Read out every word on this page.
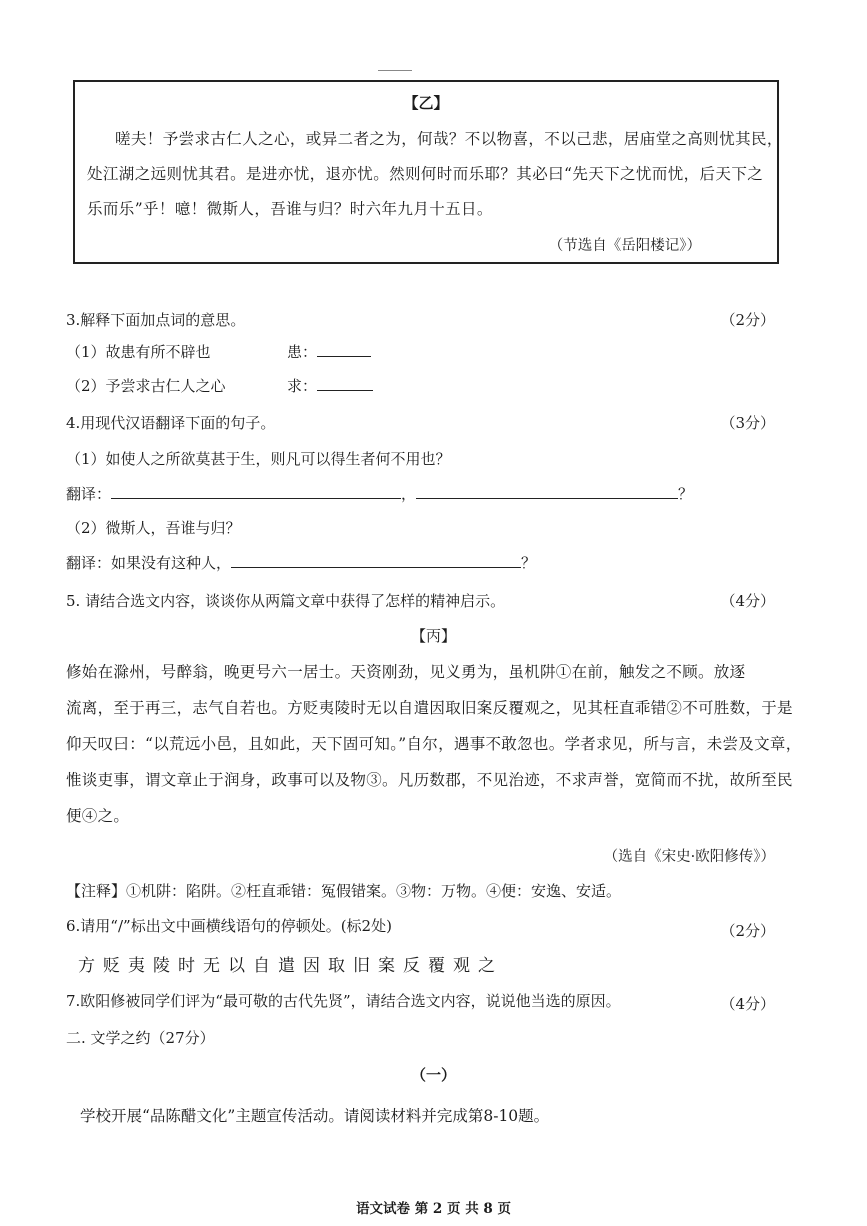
【乙】
嗟夫！予尝求古仁人之心，或异二者之为，何哉？不以物喜，不以己悲，居庙堂之高则忧其民，
处江湖之远则忧其君。是进亦忧，退亦忧。然则何时而乐耶？其必曰“先天下之忧而忧，后天下之
乐而乐”乎！噫！微斯人，吾谁与归？时六年九月十五日。
（节选自《岳阳楼记》）
3.解释下面加点词的意思。	（2分）
（1）故患有所不辟也	患：
（2）予尝求古仁人之心	求：
4.用现代汉语翻译下面的句子。	（3分）
（1）如使人之所欲莫甚于生，则凡可以得生者何不用也？
翻译：	，	？
（2）微斯人，吾谁与归？
翻译：如果没有这种人，	？
5. 请结合选文内容，谈谈你从两篇文章中获得了怎样的精神启示。	（4分）
【丙】
修始在滁州，号醉翁，晚更号六一居士。天资刚劲，见义勇为，虽机阱①在前，触发之不顾。放逐
流离，至于再三，志气自若也。方贬夷陵时无以自遣因取旧案反覆观之，见其枉直乖错②不可胜数，于是
仰天叹曰：“以荒远小邑，且如此，天下固可知。”自尔，遇事不敢忽也。学者求见，所与言，未尝及文章，
惟谈吏事，谓文章止于润身，政事可以及物③。凡历数郡，不见治迹，不求声誉，宽简而不扰，故所至民
便④之。
（选自《宋史·欧阳修传》）
【注释】①机阱：陷阱。②枉直乖错：冤假错案。③物：万物。④便：安逸、安适。
6.请用“/”标出文中画横线语句的停顿处。(标2处)	（2分）
方贬夷陵时无以自遣因取旧案反覆观之
7.欧阳修被同学们评为“最可敬的古代先贤”，请结合选文内容，说说他当选的原因。	（4分）
二. 文学之约（27分）
（一）
学校开展“品陈醋文化”主题宣传活动。请阅读材料并完成第8-10题。
语文试卷 第 2 页 共 8 页
